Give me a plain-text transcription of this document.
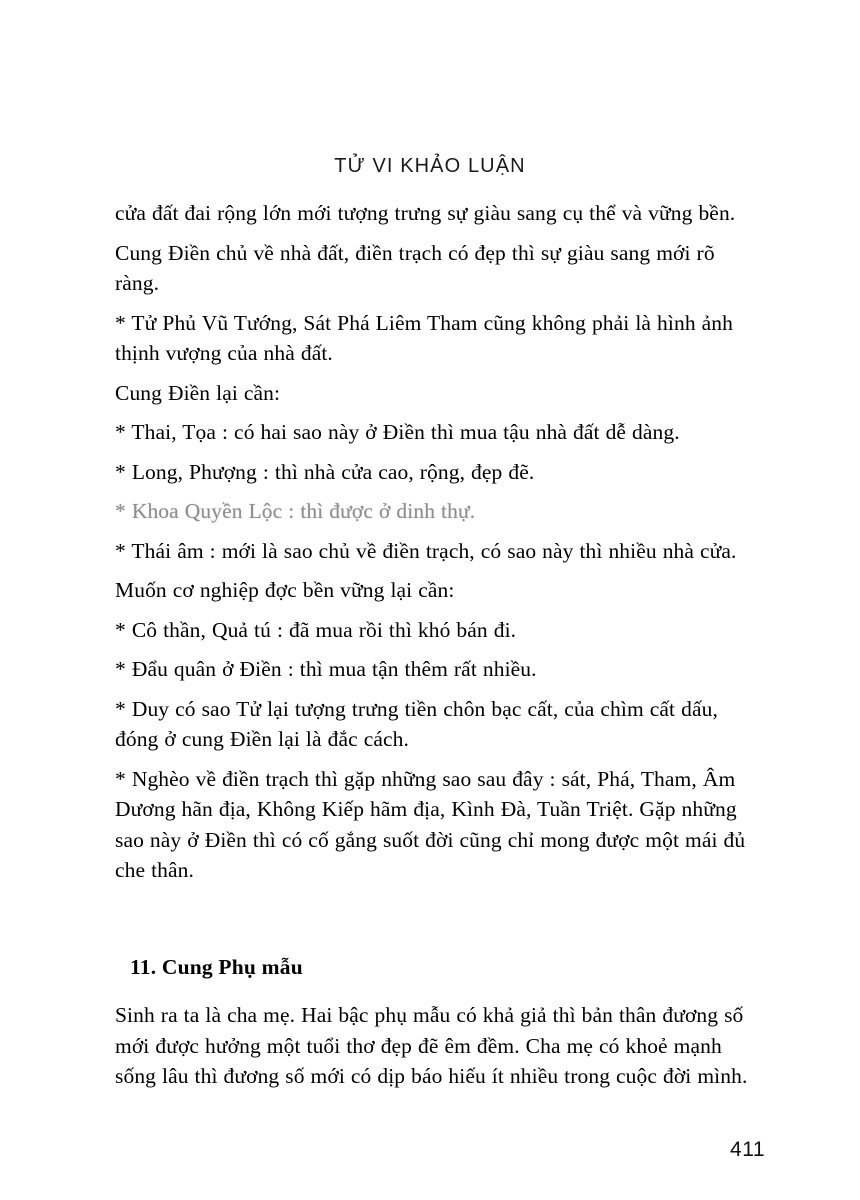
TỬ VI KHẢO LUẬN

cửa đất đai rộng lớn mới tượng trưng sự giàu sang cụ thể và vững bền.

Cung Điền chủ về nhà đất, điền trạch có đẹp thì sự giàu sang mới rõ ràng.

* Tử Phủ Vũ Tướng, Sát Phá Liêm Tham cũng không phải là hình ảnh thịnh vượng của nhà đất.

Cung Điền lại cần:

* Thai, Tọa : có hai sao này ở Điền thì mua tậu nhà đất dễ dàng.

* Long, Phượng : thì nhà cửa cao, rộng, đẹp đẽ.

* Khoa Quyền Lộc : thì được ở dinh thự.

* Thái âm : mới là sao chủ về điền trạch, có sao này thì nhiều nhà cửa.

Muốn cơ nghiệp đợc bền vững lại cần:

* Cô thần, Quả tú : đã mua rồi thì khó bán đi.

* Đẩu quân ở Điền : thì mua tận thêm rất nhiều.

* Duy có sao Tử lại tượng trưng tiền chôn bạc cất, của chìm cất dấu, đóng ở cung Điền lại là đắc cách.

* Nghèo về điền trạch thì gặp những sao sau đây : sát, Phá, Tham, Âm Dương hãn địa, Không Kiếp hãm địa, Kình Đà, Tuần Triệt. Gặp những sao này ở Điền thì có cố gắng suốt đời cũng chỉ mong được một mái đủ che thân.

11. Cung Phụ mẫu

Sinh ra ta là cha mẹ. Hai bậc phụ mẫu có khả giả thì bản thân đương số mới được hưởng một tuổi thơ đẹp đẽ êm đềm. Cha mẹ có khoẻ mạnh sống lâu thì đương số mới có dịp báo hiếu ít nhiều trong cuộc đời mình.

411
